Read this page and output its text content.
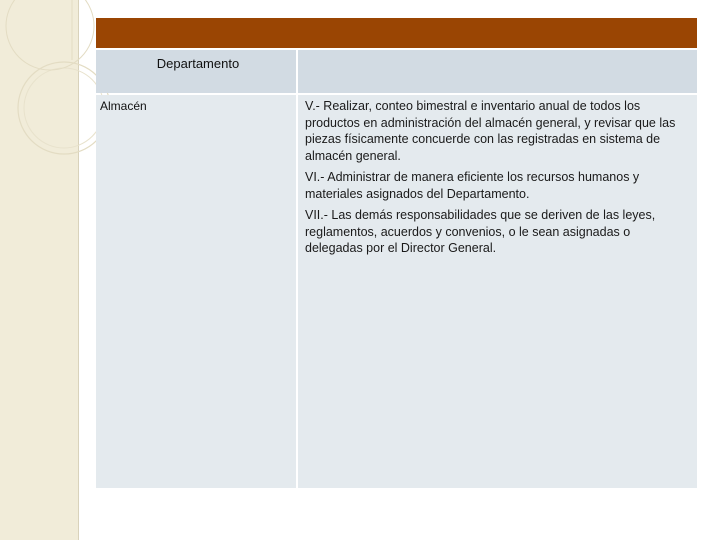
Departamento
Almacén	V.- Realizar, conteo bimestral e inventario anual de todos los productos en administración del almacén general, y revisar que las piezas físicamente concuerde con las registradas en sistema de almacén general.

VI.- Administrar de manera eficiente los recursos humanos y materiales asignados del Departamento.

VII.- Las demás responsabilidades que se deriven de las leyes, reglamentos, acuerdos y convenios, o le sean asignadas o delegadas por el Director General.
